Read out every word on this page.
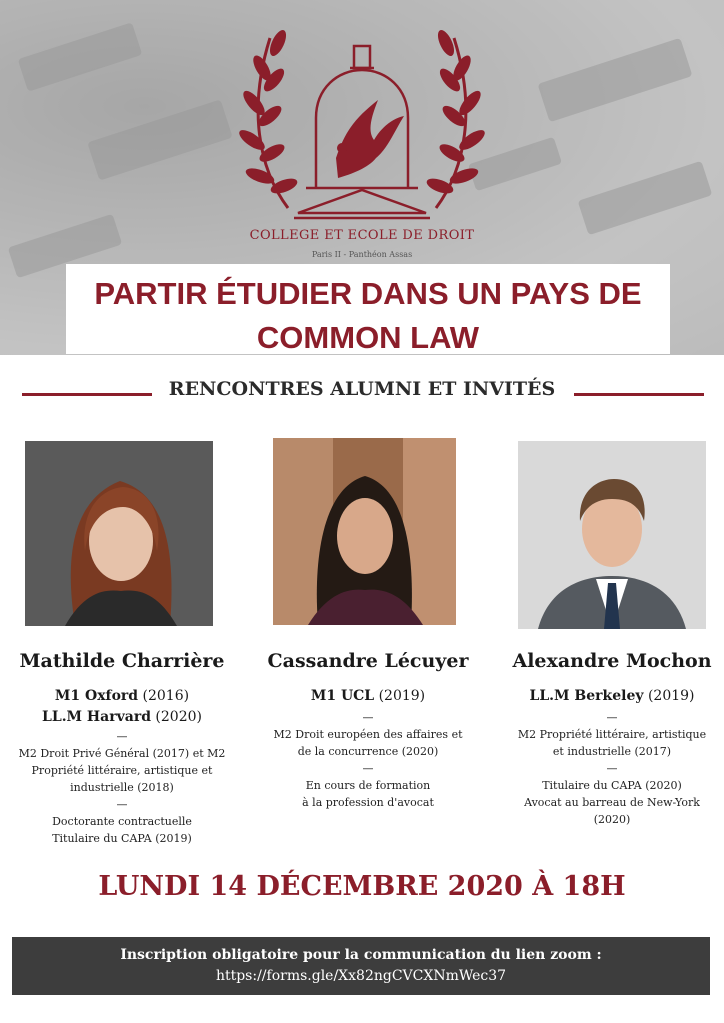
COLLEGE ET ECOLE DE DROIT
Paris II - Panthéon Assas
PARTIR ÉTUDIER DANS UN PAYS DE
COMMON LAW
RENCONTRES ALUMNI ET INVITÉS
Mathilde Charrière
M1 Oxford (2016)
LL.M Harvard (2020)
—
M2 Droit Privé Général (2017) et M2
Propriété littéraire, artistique et
industrielle (2018)
—
Doctorante contractuelle
Titulaire du CAPA (2019)
Cassandre Lécuyer
M1 UCL (2019)
—
M2 Droit européen des affaires et
de la concurrence (2020)
—
En cours de formation
à la profession d'avocat
Alexandre Mochon
LL.M Berkeley (2019)
—
M2 Propriété littéraire, artistique
et industrielle (2017)
—
Titulaire du CAPA (2020)
Avocat au barreau de New-York
(2020)
LUNDI 14 DÉCEMBRE 2020 À 18H
Inscription obligatoire pour la communication du lien zoom :
https://forms.gle/Xx82ngCVCXNmWec37
